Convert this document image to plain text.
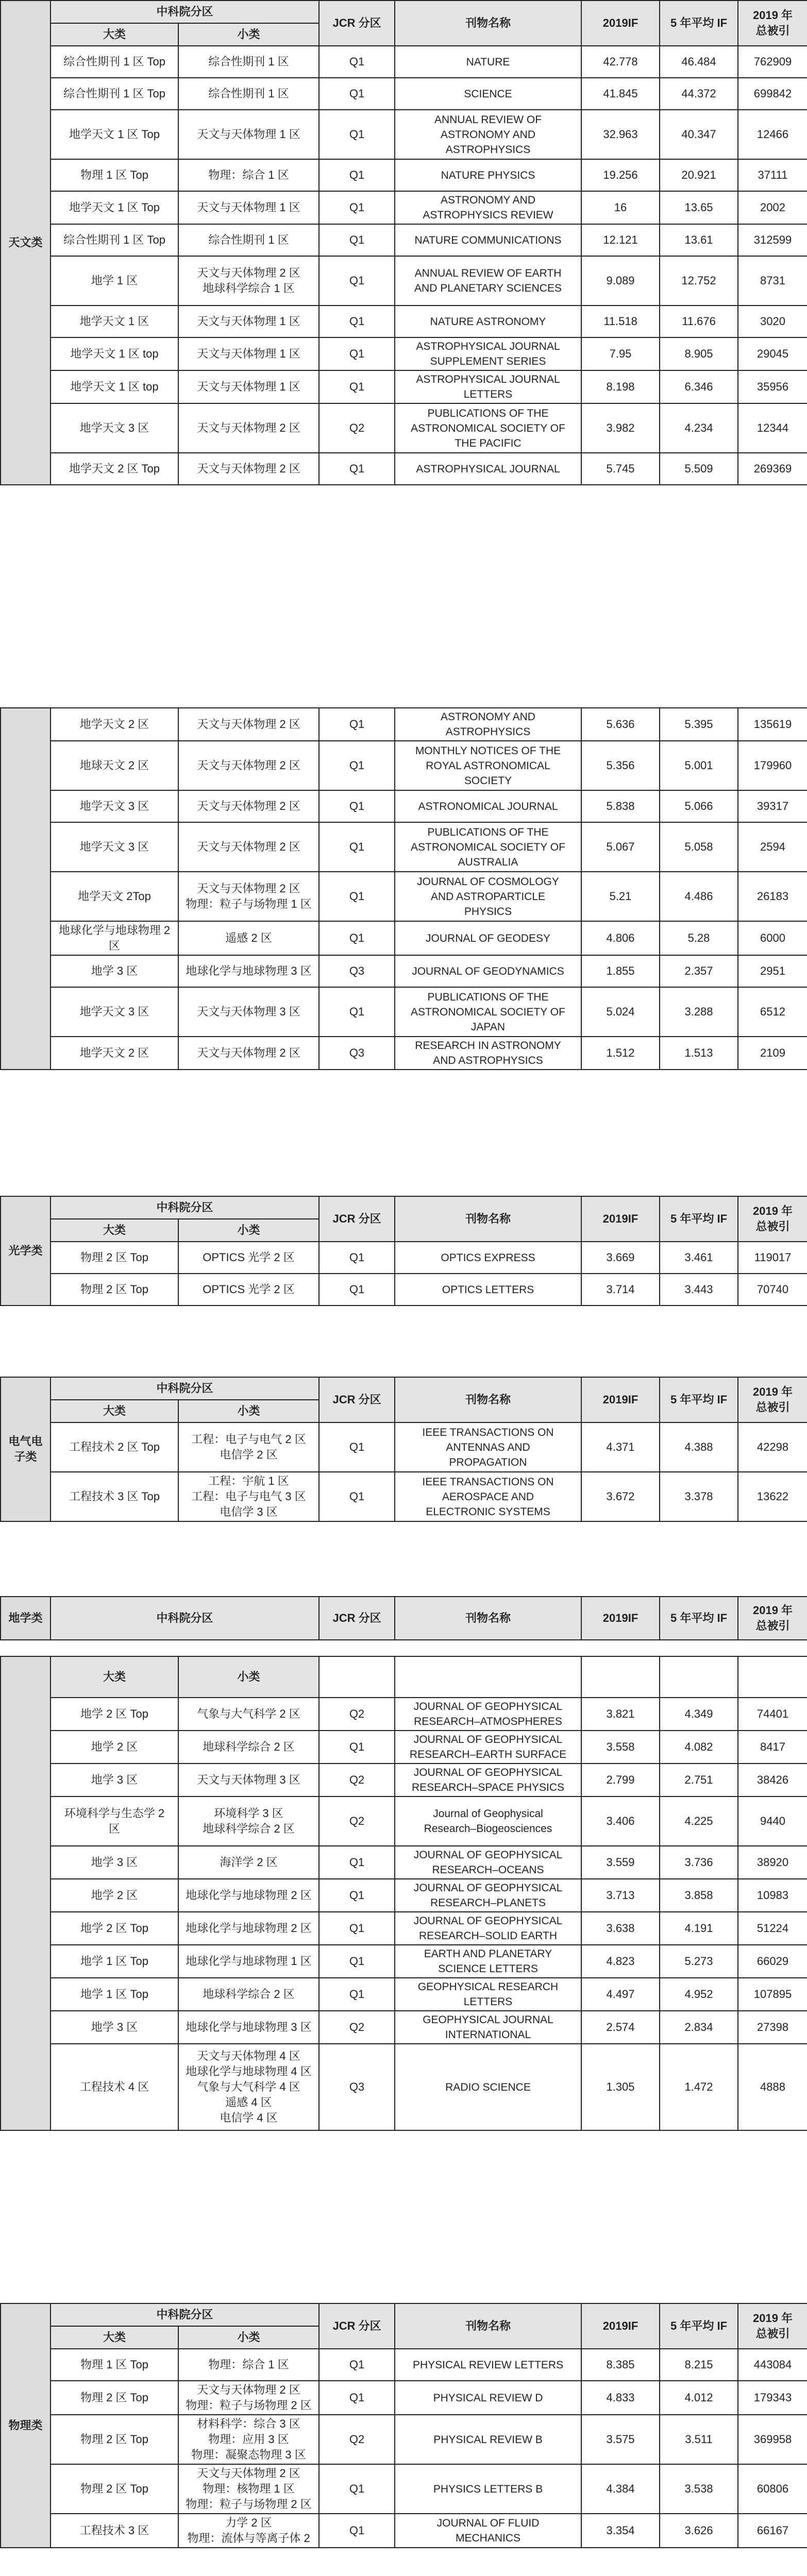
天文类	中科院分区		JCR 分区	刊物名称	2019IF	5 年平均 IF	2019 年
总被引
	大类	小类					
	综合性期刊 1 区 Top	综合性期刊 1 区	Q1	NATURE	42.778	46.484	762909
	综合性期刊 1 区 Top	综合性期刊 1 区	Q1	SCIENCE	41.845	44.372	699842
	地学天文 1 区 Top	天文与天体物理 1 区	Q1	ANNUAL REVIEW OF
ASTRONOMY AND
ASTROPHYSICS	32.963	40.347	12466
	物理 1 区 Top	物理：综合 1 区	Q1	NATURE PHYSICS	19.256	20.921	37111
	地学天文 1 区 Top	天文与天体物理 1 区	Q1	ASTRONOMY AND
ASTROPHYSICS REVIEW	16	13.65	2002
	综合性期刊 1 区 Top	综合性期刊 1 区	Q1	NATURE COMMUNICATIONS	12.121	13.61	312599
	地学 1 区	天文与天体物理 2 区
地球科学综合 1 区	Q1	ANNUAL REVIEW OF EARTH
AND PLANETARY SCIENCES	9.089	12.752	8731
	地学天文 1 区	天文与天体物理 1 区	Q1	NATURE ASTRONOMY	11.518	11.676	3020
	地学天文 1 区 top	天文与天体物理 1 区	Q1	ASTROPHYSICAL JOURNAL
SUPPLEMENT SERIES	7.95	8.905	29045
	地学天文 1 区 top	天文与天体物理 1 区	Q1	ASTROPHYSICAL JOURNAL
LETTERS	8.198	6.346	35956
	地学天文 3 区	天文与天体物理 2 区	Q2	PUBLICATIONS OF THE
ASTRONOMICAL SOCIETY OF
THE PACIFIC	3.982	4.234	12344
	地学天文 2 区 Top	天文与天体物理 2 区	Q1	ASTROPHYSICAL JOURNAL	5.745	5.509	269369

	地学天文 2 区	天文与天体物理 2 区	Q1	ASTRONOMY AND
ASTROPHYSICS	5.636	5.395	135619
	地球天文 2 区	天文与天体物理 2 区	Q1	MONTHLY NOTICES OF THE
ROYAL ASTRONOMICAL
SOCIETY	5.356	5.001	179960
	地学天文 3 区	天文与天体物理 2 区	Q1	ASTRONOMICAL JOURNAL	5.838	5.066	39317
	地学天文 3 区	天文与天体物理 2 区	Q1	PUBLICATIONS OF THE
ASTRONOMICAL SOCIETY OF
AUSTRALIA	5.067	5.058	2594
	地学天文 2Top	天文与天体物理 2 区
物理：粒子与场物理 1 区	Q1	JOURNAL OF COSMOLOGY
AND ASTROPARTICLE
PHYSICS	5.21	4.486	26183
	地球化学与地球物理 2
区	遥感 2 区	Q1	JOURNAL OF GEODESY	4.806	5.28	6000
	地学 3 区	地球化学与地球物理 3 区	Q3	JOURNAL OF GEODYNAMICS	1.855	2.357	2951
	地学天文 3 区	天文与天体物理 3 区	Q1	PUBLICATIONS OF THE
ASTRONOMICAL SOCIETY OF
JAPAN	5.024	3.288	6512
	地学天文 2 区	天文与天体物理 2 区	Q3	RESEARCH IN ASTRONOMY
AND ASTROPHYSICS	1.512	1.513	2109
光学类	中科院分区		JCR 分区	刊物名称	2019IF	5 年平均 IF	2019 年
总被引
	大类	小类					
	物理 2 区 Top	OPTICS 光学 2 区	Q1	OPTICS EXPRESS	3.669	3.461	119017
	物理 2 区 Top	OPTICS 光学 2 区	Q1	OPTICS LETTERS	3.714	3.443	70740
电气电
子类	中科院分区		JCR 分区	刊物名称	2019IF	5 年平均 IF	2019 年
总被引
	大类	小类					
	工程技术 2 区 Top	工程：电子与电气 2 区
电信学 2 区	Q1	IEEE TRANSACTIONS ON
ANTENNAS AND
PROPAGATION	4.371	4.388	42298
	工程技术 3 区 Top	工程：宇航 1 区
工程：电子与电气 3 区
电信学 3 区	Q1	IEEE TRANSACTIONS ON
AEROSPACE AND
ELECTRONIC SYSTEMS	3.672	3.378	13622
地学类	中科院分区	JCR 分区	刊物名称	2019IF	5 年平均 IF	2019 年
总被引
	大类	小类					
	地学 2 区 Top	气象与大气科学 2 区	Q2	JOURNAL OF GEOPHYSICAL
RESEARCH–ATMOSPHERES	3.821	4.349	74401
	地学 2 区	地球科学综合 2 区	Q1	JOURNAL OF GEOPHYSICAL
RESEARCH–EARTH SURFACE	3.558	4.082	8417
	地学 3 区	天文与天体物理 3 区	Q2	JOURNAL OF GEOPHYSICAL
RESEARCH–SPACE PHYSICS	2.799	2.751	38426
	环境科学与生态学 2
区	环境科学 3 区
地球科学综合 2 区	Q2	Journal of Geophysical
Research–Biogeosciences	3.406	4.225	9440
	地学 3 区	海洋学 2 区	Q1	JOURNAL OF GEOPHYSICAL
RESEARCH–OCEANS	3.559	3.736	38920
	地学 2 区	地球化学与地球物理 2 区	Q1	JOURNAL OF GEOPHYSICAL
RESEARCH–PLANETS	3.713	3.858	10983
	地学 2 区 Top	地球化学与地球物理 2 区	Q1	JOURNAL OF GEOPHYSICAL
RESEARCH–SOLID EARTH	3.638	4.191	51224
	地学 1 区 Top	地球化学与地球物理 1 区	Q1	EARTH AND PLANETARY
SCIENCE LETTERS	4.823	5.273	66029
	地学 1 区 Top	地球科学综合 2 区	Q1	GEOPHYSICAL RESEARCH
LETTERS	4.497	4.952	107895
	地学 3 区	地球化学与地球物理 3 区	Q2	GEOPHYSICAL JOURNAL
INTERNATIONAL	2.574	2.834	27398
	工程技术 4 区	天文与天体物理 4 区
地球化学与地球物理 4 区
气象与大气科学 4 区
遥感 4 区
电信学 4 区	Q3	RADIO SCIENCE	1.305	1.472	4888
物理类	中科院分区		JCR 分区	刊物名称	2019IF	5 年平均 IF	2019 年
总被引
	大类	小类					
	物理 1 区 Top	物理：综合 1 区	Q1	PHYSICAL REVIEW LETTERS	8.385	8.215	443084
	物理 2 区 Top	天文与天体物理 2 区
物理：粒子与场物理 2 区	Q1	PHYSICAL REVIEW D	4.833	4.012	179343
	物理 2 区 Top	材料科学：综合 3 区
物理：应用 3 区
物理：凝聚态物理 3 区	Q2	PHYSICAL REVIEW B	3.575	3.511	369958
	物理 2 区 Top	天文与天体物理 2 区
物理：核物理 1 区
物理：粒子与场物理 2 区	Q1	PHYSICS LETTERS B	4.384	3.538	60806
	工程技术 3 区	力学 2 区
物理：流体与等离子体 2	Q1	JOURNAL OF FLUID
MECHANICS	3.354	3.626	66167
